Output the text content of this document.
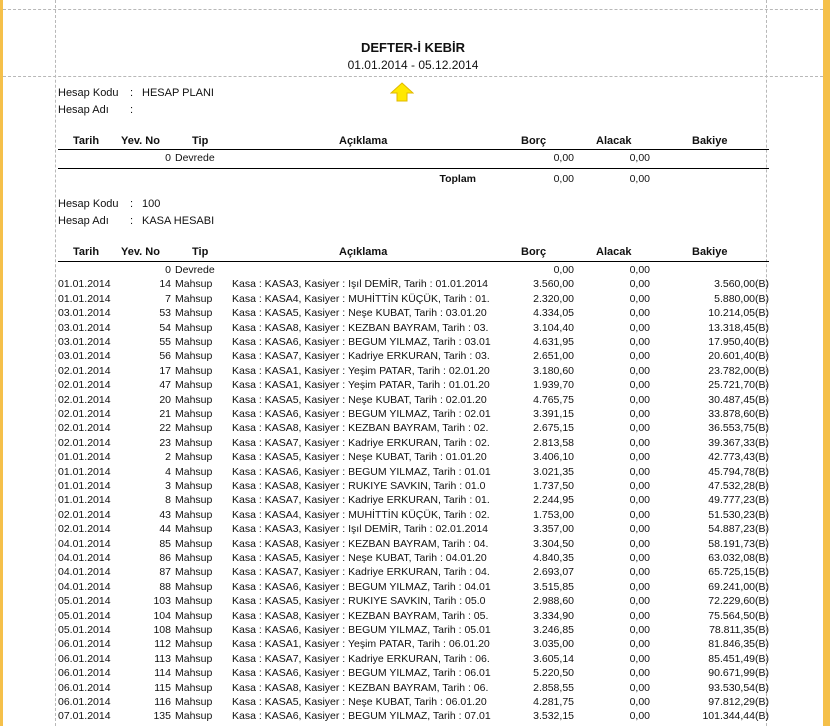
DEFTER-İ KEBİR
01.01.2014 - 05.12.2014
Hesap Kodu : HESAP PLANI
Hesap Adı :
Tarih Yev. No	Tip	Açıklama	Borç	Alacak	Bakiye
0 Devrede	0,00	0,00
Toplam	0,00	0,00
Hesap Kodu : 100
Hesap Adı : KASA HESABI
Tarih Yev. No	Tip	Açıklama	Borç	Alacak	Bakiye
0 Devrede	0,00	0,00
01.01.2014	14 Mahsup	Kasa : KASA3, Kasiyer : Işıl DEMİR, Tarih : 01.01.2014	3.560,00	0,00	3.560,00(B)
01.01.2014	7 Mahsup	Kasa : KASA4, Kasiyer : MUHİTTİN KÜÇÜK, Tarih : 01.	2.320,00	0,00	5.880,00(B)
03.01.2014	53 Mahsup	Kasa : KASA5, Kasiyer : Neşe KUBAT, Tarih : 03.01.20	4.334,05	0,00	10.214,05(B)
03.01.2014	54 Mahsup	Kasa : KASA8, Kasiyer : KEZBAN BAYRAM, Tarih : 03.	3.104,40	0,00	13.318,45(B)
03.01.2014	55 Mahsup	Kasa : KASA6, Kasiyer : BEGUM YILMAZ, Tarih : 03.01	4.631,95	0,00	17.950,40(B)
03.01.2014	56 Mahsup	Kasa : KASA7, Kasiyer : Kadriye ERKURAN, Tarih : 03.	2.651,00	0,00	20.601,40(B)
02.01.2014	17 Mahsup	Kasa : KASA1, Kasiyer : Yeşim PATAR, Tarih : 02.01.20	3.180,60	0,00	23.782,00(B)
02.01.2014	47 Mahsup	Kasa : KASA1, Kasiyer : Yeşim PATAR, Tarih : 01.01.20	1.939,70	0,00	25.721,70(B)
02.01.2014	20 Mahsup	Kasa : KASA5, Kasiyer : Neşe KUBAT, Tarih : 02.01.20	4.765,75	0,00	30.487,45(B)
02.01.2014	21 Mahsup	Kasa : KASA6, Kasiyer : BEGUM YILMAZ, Tarih : 02.01	3.391,15	0,00	33.878,60(B)
02.01.2014	22 Mahsup	Kasa : KASA8, Kasiyer : KEZBAN BAYRAM, Tarih : 02.	2.675,15	0,00	36.553,75(B)
02.01.2014	23 Mahsup	Kasa : KASA7, Kasiyer : Kadriye ERKURAN, Tarih : 02.	2.813,58	0,00	39.367,33(B)
01.01.2014	2 Mahsup	Kasa : KASA5, Kasiyer : Neşe KUBAT, Tarih : 01.01.20	3.406,10	0,00	42.773,43(B)
01.01.2014	4 Mahsup	Kasa : KASA6, Kasiyer : BEGUM YILMAZ, Tarih : 01.01	3.021,35	0,00	45.794,78(B)
01.01.2014	3 Mahsup	Kasa : KASA8, Kasiyer : RUKIYE SAVKIN, Tarih : 01.0	1.737,50	0,00	47.532,28(B)
01.01.2014	8 Mahsup	Kasa : KASA7, Kasiyer : Kadriye ERKURAN, Tarih : 01.	2.244,95	0,00	49.777,23(B)
02.01.2014	43 Mahsup	Kasa : KASA4, Kasiyer : MUHİTTİN KÜÇÜK, Tarih : 02.	1.753,00	0,00	51.530,23(B)
02.01.2014	44 Mahsup	Kasa : KASA3, Kasiyer : Işıl DEMİR, Tarih : 02.01.2014	3.357,00	0,00	54.887,23(B)
04.01.2014	85 Mahsup	Kasa : KASA8, Kasiyer : KEZBAN BAYRAM, Tarih : 04.	3.304,50	0,00	58.191,73(B)
04.01.2014	86 Mahsup	Kasa : KASA5, Kasiyer : Neşe KUBAT, Tarih : 04.01.20	4.840,35	0,00	63.032,08(B)
04.01.2014	87 Mahsup	Kasa : KASA7, Kasiyer : Kadriye ERKURAN, Tarih : 04.	2.693,07	0,00	65.725,15(B)
04.01.2014	88 Mahsup	Kasa : KASA6, Kasiyer : BEGUM YILMAZ, Tarih : 04.01	3.515,85	0,00	69.241,00(B)
05.01.2014	103 Mahsup	Kasa : KASA5, Kasiyer : RUKIYE SAVKIN, Tarih : 05.0	2.988,60	0,00	72.229,60(B)
05.01.2014	104 Mahsup	Kasa : KASA8, Kasiyer : KEZBAN BAYRAM, Tarih : 05.	3.334,90	0,00	75.564,50(B)
05.01.2014	108 Mahsup	Kasa : KASA6, Kasiyer : BEGUM YILMAZ, Tarih : 05.01	3.246,85	0,00	78.811,35(B)
06.01.2014	112 Mahsup	Kasa : KASA1, Kasiyer : Yeşim PATAR, Tarih : 06.01.20	3.035,00	0,00	81.846,35(B)
06.01.2014	113 Mahsup	Kasa : KASA7, Kasiyer : Kadriye ERKURAN, Tarih : 06.	3.605,14	0,00	85.451,49(B)
06.01.2014	114 Mahsup	Kasa : KASA6, Kasiyer : BEGUM YILMAZ, Tarih : 06.01	5.220,50	0,00	90.671,99(B)
06.01.2014	115 Mahsup	Kasa : KASA8, Kasiyer : KEZBAN BAYRAM, Tarih : 06.	2.858,55	0,00	93.530,54(B)
06.01.2014	116 Mahsup	Kasa : KASA5, Kasiyer : Neşe KUBAT, Tarih : 06.01.20	4.281,75	0,00	97.812,29(B)
07.01.2014	135 Mahsup	Kasa : KASA6, Kasiyer : BEGUM YILMAZ, Tarih : 07.01	3.532,15	0,00	101.344,44(B)
